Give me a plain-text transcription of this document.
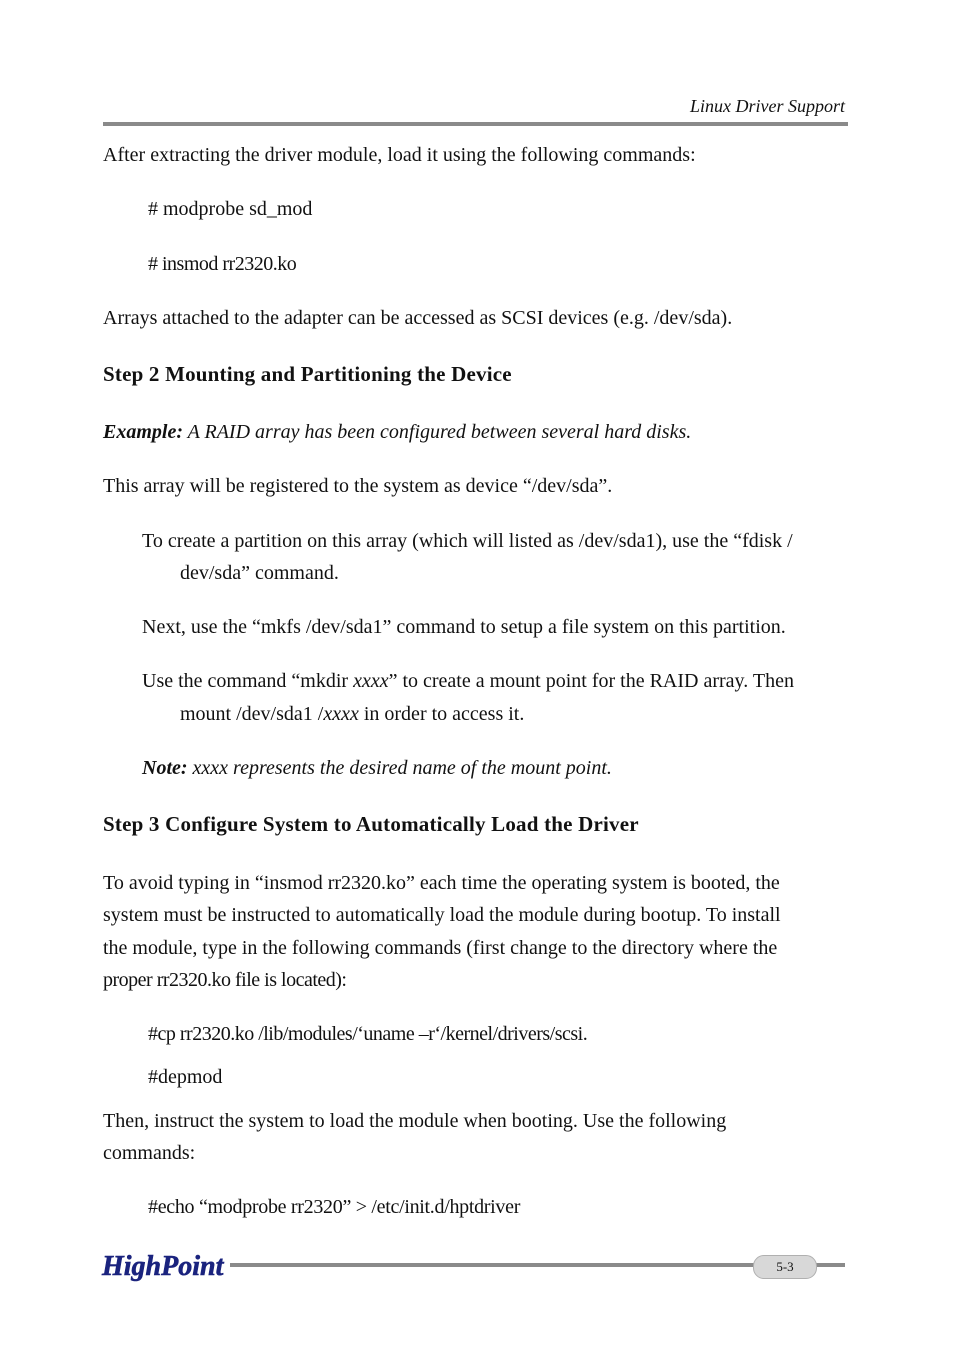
Linux Driver Support
After extracting the driver module, load it using the following commands:
# modprobe sd_mod
# insmod rr2320.ko
Arrays attached to the adapter can be accessed as SCSI devices (e.g. /dev/sda).
Step 2 Mounting and Partitioning the Device
Example: A RAID array has been configured between several hard disks.
This array will be registered to the system as device “/dev/sda”.
To create a partition on this array (which will listed as /dev/sda1), use the “fdisk /
dev/sda” command.
Next, use the “mkfs /dev/sda1” command to setup a file system on this partition.
Use the command “mkdir xxxx” to create a mount point for the RAID array. Then
mount /dev/sda1 /xxxx in order to access it.
Note: xxxx represents the desired name of the mount point.
Step 3 Configure System to Automatically Load the Driver
To avoid typing in “insmod rr2320.ko” each time the operating system is booted, the
system must be instructed to automatically load the module during bootup. To install
the module, type in the following commands (first change to the directory where the
proper rr2320.ko file is located):
#cp rr2320.ko /lib/modules/‘uname –r‘/kernel/drivers/scsi.
#depmod
Then, instruct the system to load the module when booting. Use the following
commands:
#echo “modprobe rr2320” > /etc/init.d/hptdriver
HighPoint	5-3
